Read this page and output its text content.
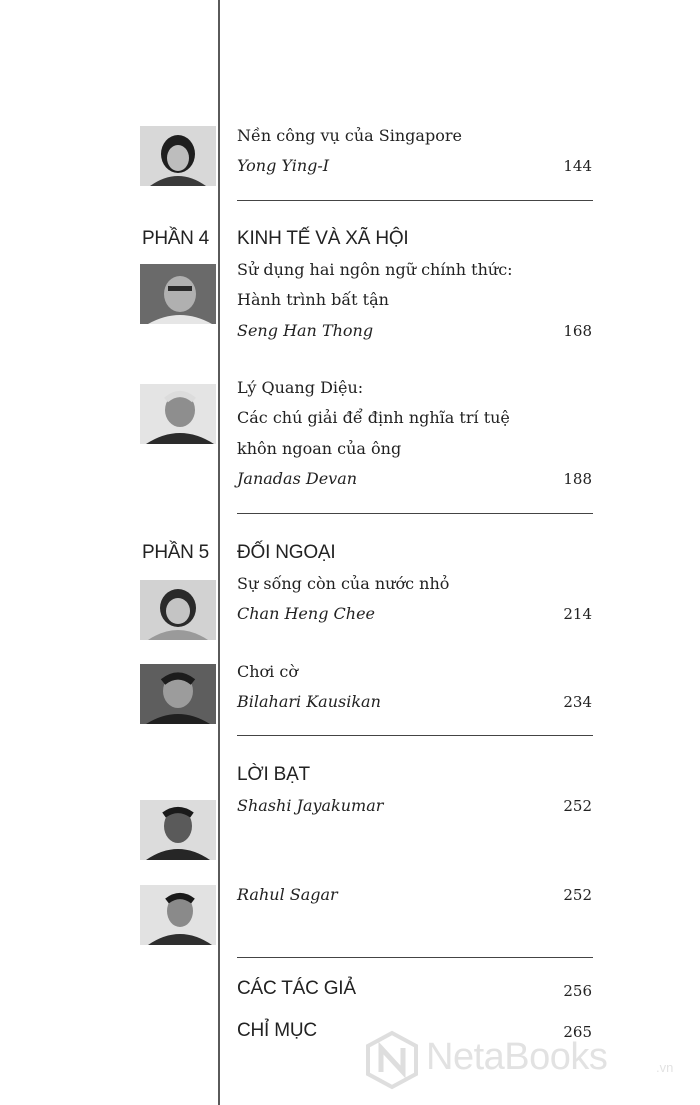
Nền công vụ của Singapore
Yong Ying-I	144
PHẦN 4 KINH TẾ VÀ XÃ HỘI
Sử dụng hai ngôn ngữ chính thức:
Hành trình bất tận
Seng Han Thong	168
Lý Quang Diệu:
Các chú giải để định nghĩa trí tuệ
khôn ngoan của ông
Janadas Devan	188
PHẦN 5 ĐỐI NGOẠI
Sự sống còn của nước nhỏ
Chan Heng Chee	214
Chơi cờ
Bilahari Kausikan	234
LỜI BẠT
Shashi Jayakumar	252
Rahul Sagar	252
CÁC TÁC GIẢ	256
CHỈ MỤC	265
NetaBooks	.vn
